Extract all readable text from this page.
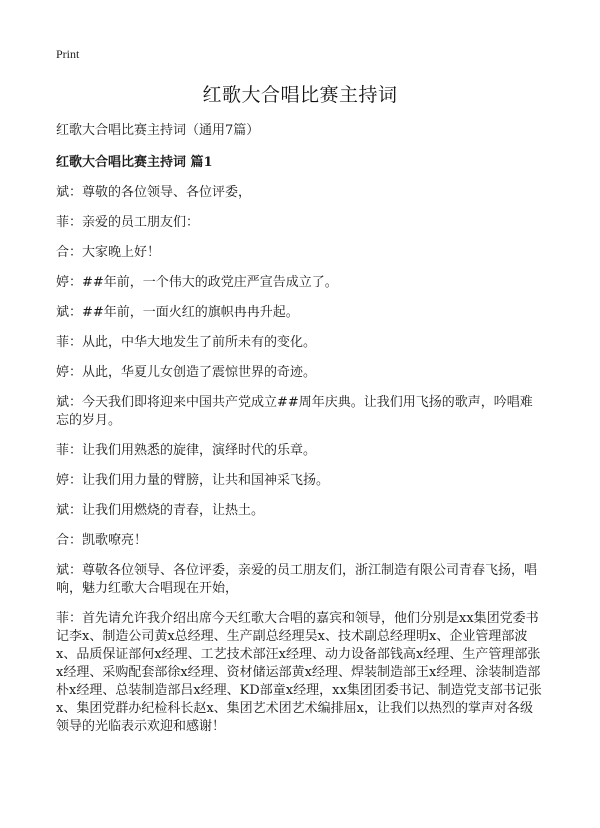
Print
红歌大合唱比赛主持词

红歌大合唱比赛主持词（通用7篇）

红歌大合唱比赛主持词 篇1

斌：尊敬的各位领导、各位评委，

菲：亲爱的员工朋友们：

合：大家晚上好！

婷：##年前，一个伟大的政党庄严宣告成立了。

斌：##年前，一面火红的旗帜冉冉升起。

菲：从此，中华大地发生了前所未有的变化。

婷：从此，华夏儿女创造了震惊世界的奇迹。

斌：今天我们即将迎来中国共产党成立##周年庆典。让我们用飞扬的歌声，吟唱难忘的岁月。

菲：让我们用熟悉的旋律，演绎时代的乐章。

婷：让我们用力量的臂膀，让共和国神采飞扬。

斌：让我们用燃烧的青春，让热土。

合：凯歌嘹亮！

斌：尊敬各位领导、各位评委，亲爱的员工朋友们，浙江制造有限公司青春飞扬，唱响，魅力红歌大合唱现在开始，

菲：首先请允许我介绍出席今天红歌大合唱的嘉宾和领导，他们分别是xx集团党委书记李x、制造公司黄x总经理、生产副总经理吴x、技术副总经理明x、企业管理部波x、品质保证部何x经理、工艺技术部汪x经理、动力设备部钱高x经理、生产管理部张x经理、采购配套部徐x经理、资材储运部黄x经理、焊装制造部王x经理、涂装制造部朴x经理、总装制造部吕x经理、KD部童x经理，xx集团团委书记、制造党支部书记张x、集团党群办纪检科长赵x、集团艺术团艺术编排屈x，让我们以热烈的掌声对各级领导的光临表示欢迎和感谢！
